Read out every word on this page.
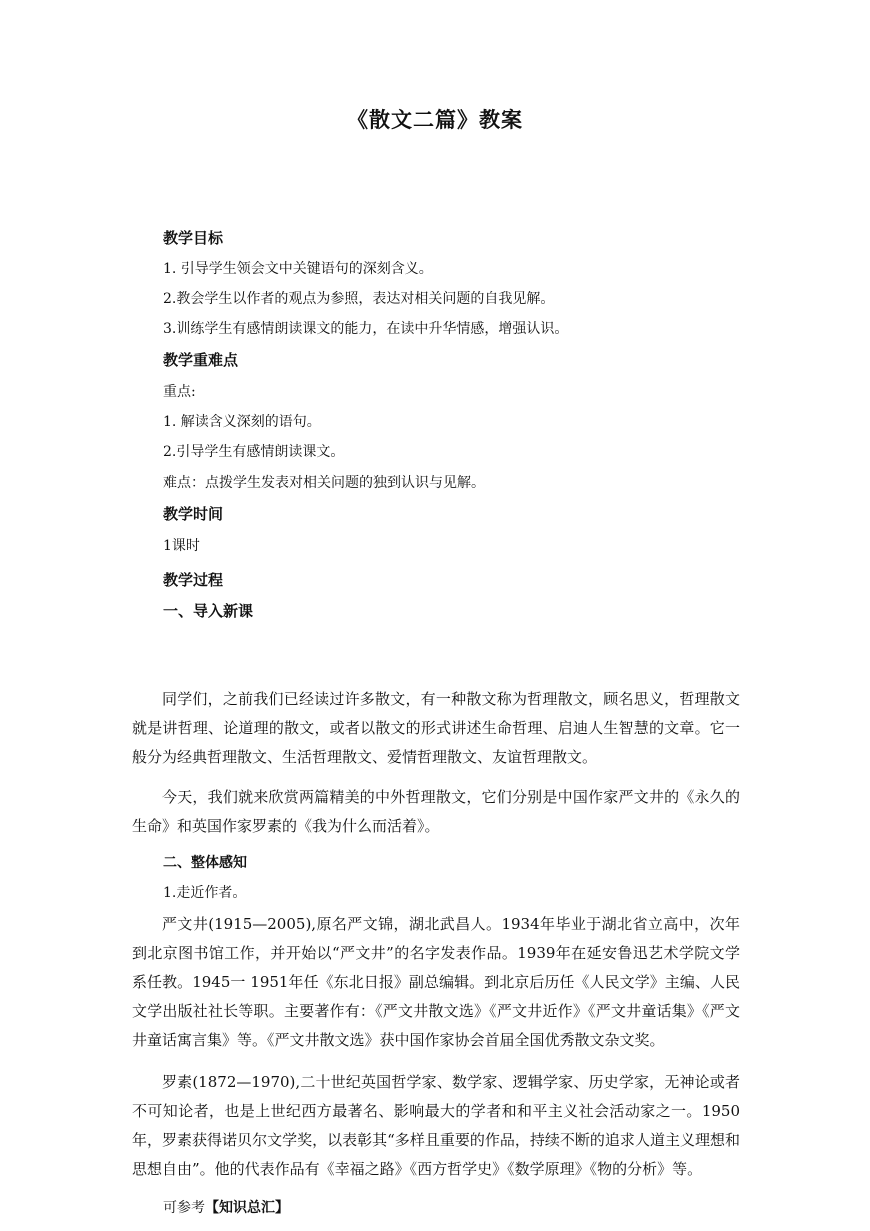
《散文二篇》教案
教学目标
1. 引导学生领会文中关键语句的深刻含义。
2.教会学生以作者的观点为参照，表达对相关问题的自我见解。
3.训练学生有感情朗读课文的能力，在读中升华情感，增强认识。
教学重难点
重点:
1. 解读含义深刻的语句。
2.引导学生有感情朗读课文。
难点：点拨学生发表对相关问题的独到认识与见解。
教学时间
1课时
教学过程
一、导入新课
同学们，之前我们已经读过许多散文，有一种散文称为哲理散文，顾名思义，哲理散文就是讲哲理、论道理的散文，或者以散文的形式讲述生命哲理、启迪人生智慧的文章。它一般分为经典哲理散文、生活哲理散文、爱情哲理散文、友谊哲理散文。
今天，我们就来欣赏两篇精美的中外哲理散文，它们分别是中国作家严文井的《永久的生命》和英国作家罗素的《我为什么而活着》。
二、整体感知
1.走近作者。
严文井(1915—2005),原名严文锦，湖北武昌人。1934年毕业于湖北省立高中，次年到北京图书馆工作，并开始以“严文井”的名字发表作品。1939年在延安鲁迅艺术学院文学系任教。1945一 1951年任《东北日报》副总编辑。到北京后历任《人民文学》主编、人民文学出版社社长等职。主要著作有：《严文井散文选》《严文井近作》《严文井童话集》《严文井童话寓言集》等。《严文井散文选》获中国作家协会首届全国优秀散文杂文奖。
罗素(1872—1970),二十世纪英国哲学家、数学家、逻辑学家、历史学家，无神论或者不可知论者，也是上世纪西方最著名、影响最大的学者和和平主义社会活动家之一。1950年，罗素获得诺贝尔文学奖，以表彰其“多样且重要的作品，持续不断的追求人道主义理想和思想自由”。他的代表作品有《幸福之路》《西方哲学史》《数学原理》《物的分析》等。
可参考【知识总汇】
